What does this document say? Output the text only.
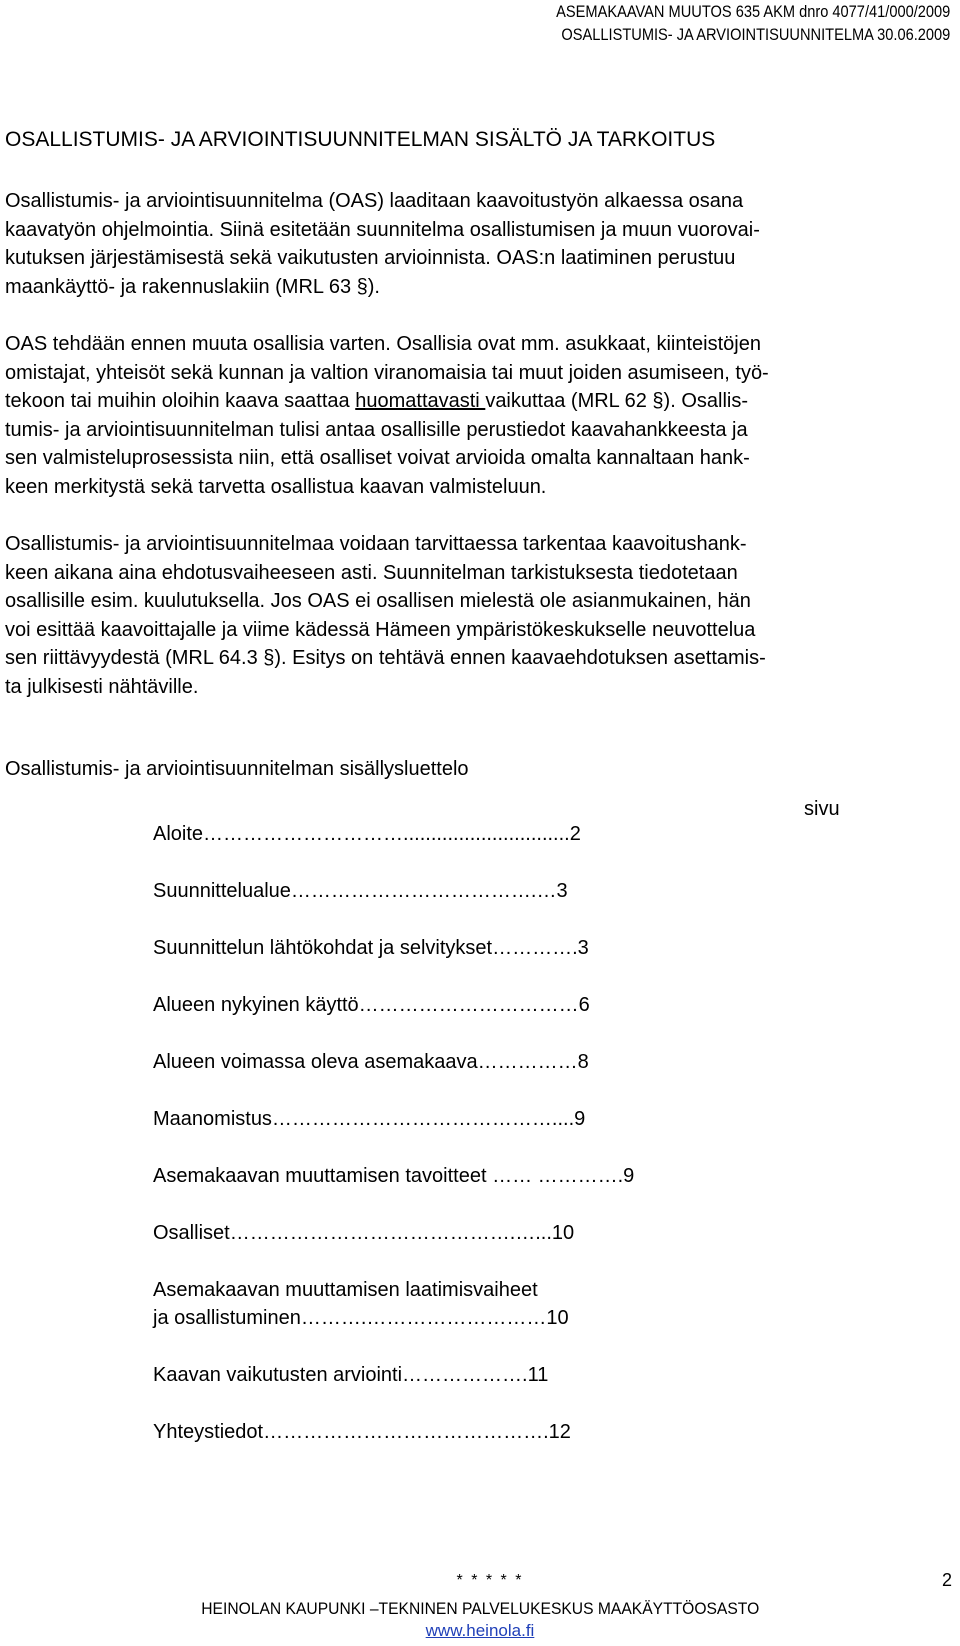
ASEMAKAAVAN MUUTOS 635 AKM dnro 4077/41/000/2009
OSALLISTUMIS- JA ARVIOINTISUUNNITELMA 30.06.2009
OSALLISTUMIS- JA ARVIOINTISUUNNITELMAN SISÄLTÖ JA TARKOITUS

Osallistumis- ja arviointisuunnitelma (OAS) laaditaan kaavoitustyön alkaessa osana
kaavatyön ohjelmointia. Siinä esitetään suunnitelma osallistumisen ja muun vuorovai-
kutuksen järjestämisestä sekä vaikutusten arvioinnista. OAS:n laatiminen perustuu
maankäyttö- ja rakennuslakiin (MRL 63 §).

OAS tehdään ennen muuta osallisia varten. Osallisia ovat mm. asukkaat, kiinteistöjen
omistajat, yhteisöt sekä kunnan ja valtion viranomaisia tai muut joiden asumiseen, työ-
tekoon tai muihin oloihin kaava saattaa huomattavasti vaikuttaa (MRL 62 §). Osallis-
tumis- ja arviointisuunnitelman tulisi antaa osallisille perustiedot kaavahankkeesta ja
sen valmisteluprosessista niin, että osalliset voivat arvioida omalta kannaltaan hank-
keen merkitystä sekä tarvetta osallistua kaavan valmisteluun.

Osallistumis- ja arviointisuunnitelmaa voidaan tarvittaessa tarkentaa kaavoitushank-
keen aikana aina ehdotusvaiheeseen asti. Suunnitelman tarkistuksesta tiedotetaan
osallisille esim. kuulutuksella. Jos OAS ei osallisen mielestä ole asianmukainen, hän
voi esittää kaavoittajalle ja viime kädessä Hämeen ympäristökeskukselle neuvottelua
sen riittävyydestä (MRL 64.3 §). Esitys on tehtävä ennen kaavaehdotuksen asettamis-
ta julkisesti nähtäville.

Osallistumis- ja arviointisuunnitelman sisällysluettelo
sivu
Aloite…………………………..............................2
Suunnittelualue……………………………….…3
Suunnittelun lähtökohdat ja selvitykset………….3
Alueen nykyinen käyttö……………………………6
Alueen voimassa oleva asemakaava……………8
Maanomistus……………………………………....9
Asemakaavan muuttamisen tavoitteet …… ………….9
Osalliset…………………………………….…...10
Asemakaavan muuttamisen laatimisvaiheet
ja osallistuminen……….………………………10
Kaavan vaikutusten arviointi……………….11
Yhteystiedot…………………………………….12
2
* * * * *
HEINOLAN KAUPUNKI –TEKNINEN PALVELUKESKUS MAAKÄYTTÖOSASTO
www.heinola.fi
